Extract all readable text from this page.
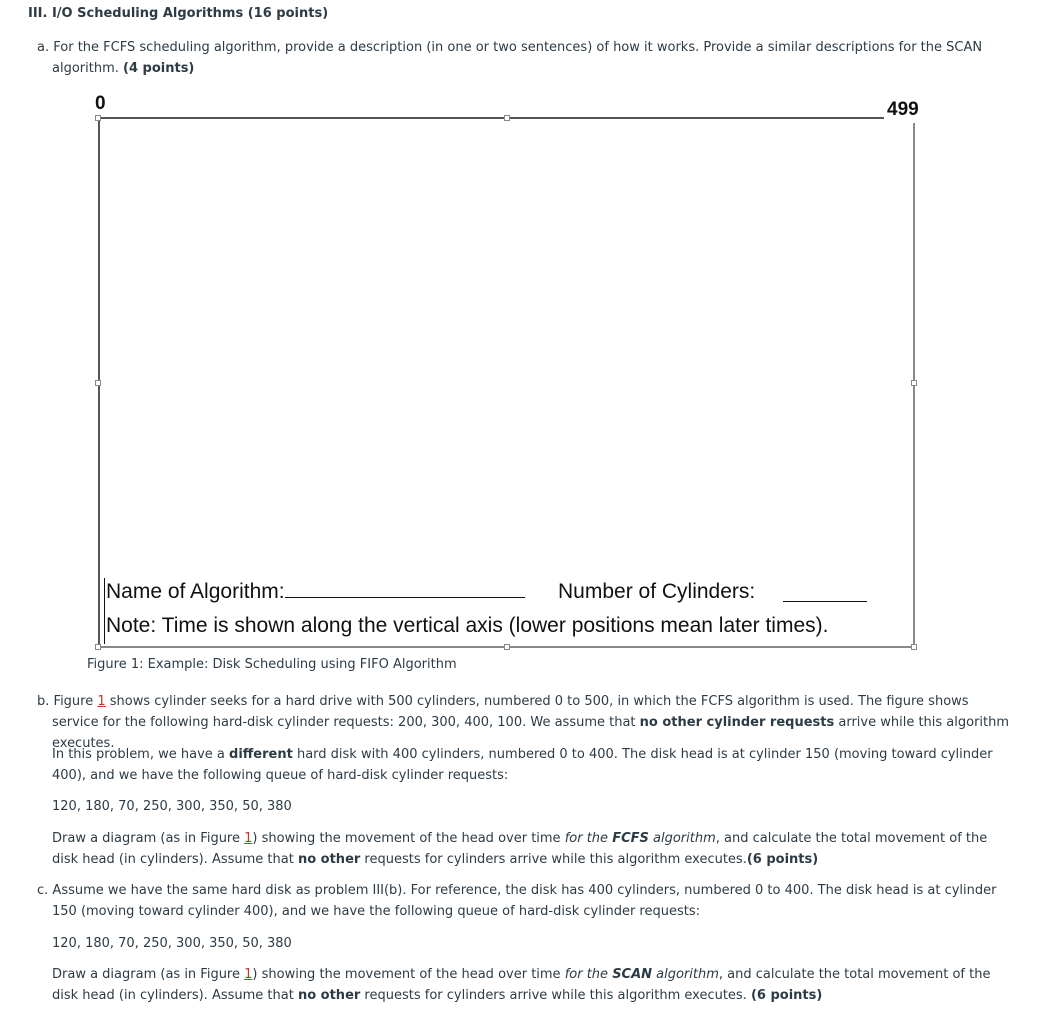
III. I/O Scheduling Algorithms (16 points)
a. For the FCFS scheduling algorithm, provide a description (in one or two sentences) of how it works. Provide a similar descriptions for the SCAN algorithm. (4 points)
0	499
Name of Algorithm:	Number of Cylinders:
Note: Time is shown along the vertical axis (lower positions mean later times).
Figure 1: Example: Disk Scheduling using FIFO Algorithm
b. Figure 1 shows cylinder seeks for a hard drive with 500 cylinders, numbered 0 to 500, in which the FCFS algorithm is used. The figure shows service for the following hard-disk cylinder requests: 200, 300, 400, 100. We assume that no other cylinder requests arrive while this algorithm executes.
In this problem, we have a different hard disk with 400 cylinders, numbered 0 to 400. The disk head is at cylinder 150 (moving toward cylinder 400), and we have the following queue of hard-disk cylinder requests:
120, 180, 70, 250, 300, 350, 50, 380
Draw a diagram (as in Figure 1) showing the movement of the head over time for the FCFS algorithm, and calculate the total movement of the disk head (in cylinders). Assume that no other requests for cylinders arrive while this algorithm executes.(6 points)
c. Assume we have the same hard disk as problem III(b). For reference, the disk has 400 cylinders, numbered 0 to 400. The disk head is at cylinder 150 (moving toward cylinder 400), and we have the following queue of hard-disk cylinder requests:
120, 180, 70, 250, 300, 350, 50, 380
Draw a diagram (as in Figure 1) showing the movement of the head over time for the SCAN algorithm, and calculate the total movement of the disk head (in cylinders). Assume that no other requests for cylinders arrive while this algorithm executes. (6 points)
